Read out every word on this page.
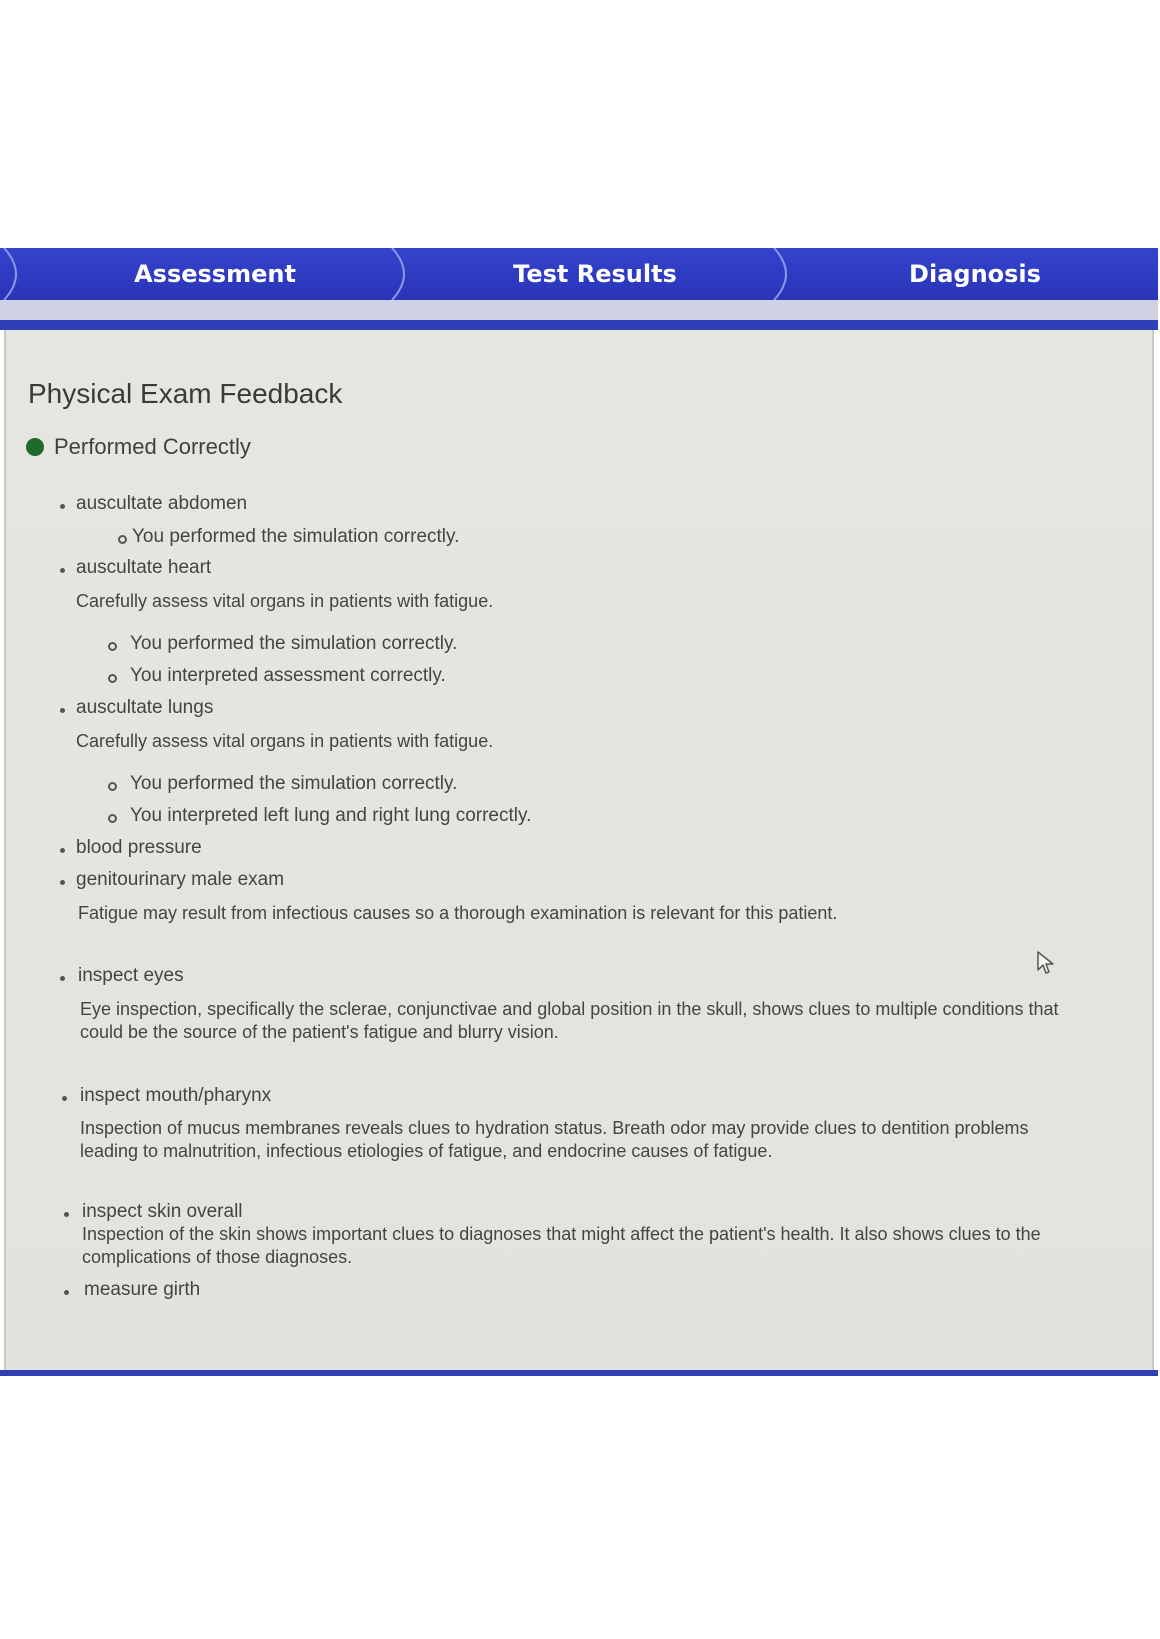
Assessment	Test Results	Diagnosis
Physical Exam Feedback
Performed Correctly
auscultate abdomen
You performed the simulation correctly.
auscultate heart
Carefully assess vital organs in patients with fatigue.
You performed the simulation correctly.
You interpreted assessment correctly.
auscultate lungs
Carefully assess vital organs in patients with fatigue.
You performed the simulation correctly.
You interpreted left lung and right lung correctly.
blood pressure
genitourinary male exam
Fatigue may result from infectious causes so a thorough examination is relevant for this patient.
inspect eyes
Eye inspection, specifically the sclerae, conjunctivae and global position in the skull, shows clues to multiple conditions that could be the source of the patient's fatigue and blurry vision.
inspect mouth/pharynx
Inspection of mucus membranes reveals clues to hydration status. Breath odor may provide clues to dentition problems leading to malnutrition, infectious etiologies of fatigue, and endocrine causes of fatigue.
inspect skin overall
Inspection of the skin shows important clues to diagnoses that might affect the patient's health. It also shows clues to the complications of those diagnoses.
measure girth
